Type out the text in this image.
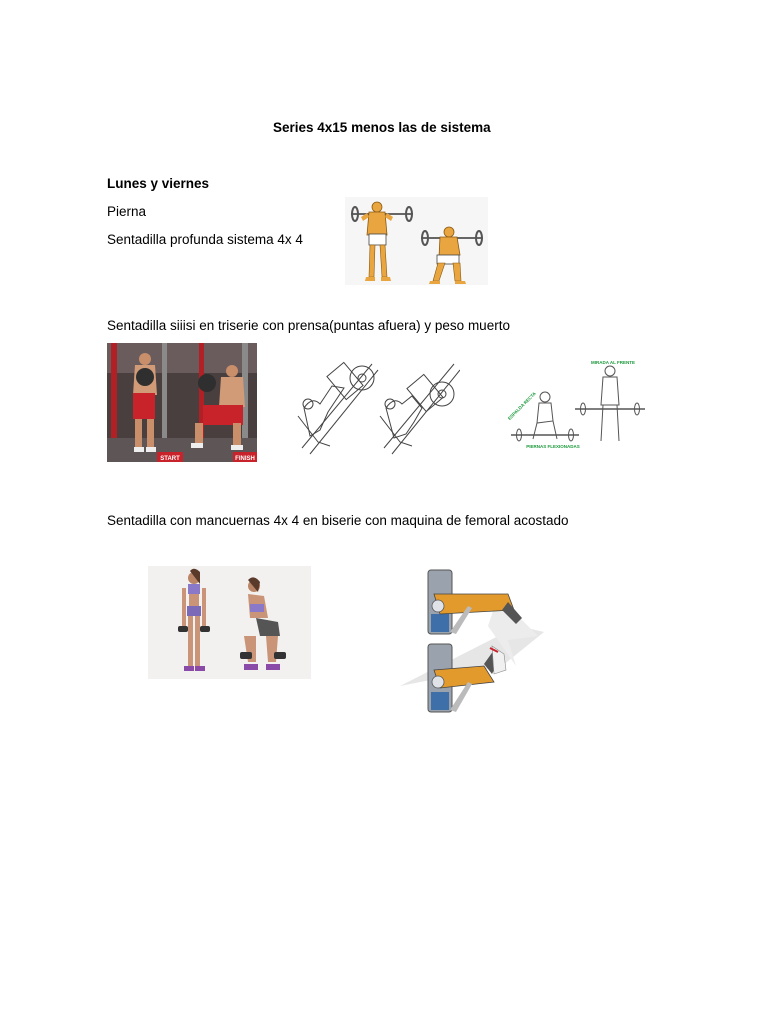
Series 4x15 menos las de sistema
Lunes y viernes
Pierna
Sentadilla profunda sistema 4x 4
Sentadilla siiisi en triserie con prensa(puntas afuera) y peso muerto
START	FINISH
MIRADA AL FRENTE
ESPALDA RECTA
PIERNAS FLEXIONADAS
Sentadilla con mancuernas 4x 4 en biserie con maquina de femoral acostado
